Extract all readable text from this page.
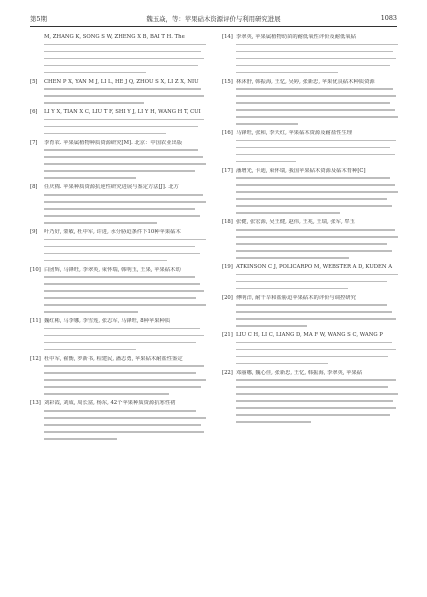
第5期	魏玉焱，等：苹果砧木资源评价与利用研究进展	1083
M, ZHANG K, SONG S W, ZHENG X B, BAI T H. The
[5] CHEN P X, YAN M J, LI L, HE J Q, ZHOU S X, LI Z X, NIU
[6] LI Y X, TIAN X C, LIU T F, SHI Y J, LI Y H, WANG H T, CUI
[7] 李育农. 苹果属植物种质资源研究[M]. 北京：中国农业出版
[8] 任庆棉. 苹果种质资源抗逆性研究进展与鉴定方法[J]. 北方
[9] 叶乃好, 蒙敏, 杜中军, 许进, 水分胁迫条件下10种苹果砧木
[10] 白团辉, 马锋旺, 李翠英, 束怀瑞, 韩明玉, 王果, 苹果砧木幼
[11] 魏红彬, 马李娜, 李雪莲, 张志军, 马锋旺, 8种苹果种质
[12] 杜中军, 翟衡, 罗新书, 程建民, 潘志勇, 苹果砧木耐盐性鉴定
[13] 刘彩霞, 刘成, 周长富, 杨东, 42个苹果种质资源抗寒性初
[14] 李翠英, 苹果属植物幼苗的耐低氧性评价及耐低氧砧
[15] 林沐舒, 韩振海, 王忆, 吴婷, 张新忠, 苹果优良砧木种质资源
[16] 马锋旺, 张和, 李天红, 苹果砧木资源及耐盐性生理
[17] 潘增光, 卡迪, 束怀瑞, 我国苹果砧木资源及砧木育种[C]
[18] 张健, 张宏源, 吴王健, 赵伟, 王兆, 王瑞, 张军, 牟玉
[19] ATKINSON C J, POLICARPO M, WEBSTER A D, KUDEN A
[20] 傅明洋, 耐干旱和盐胁迫苹果砧木的评价与调控研究
[21] LIU C H, LI C, LIANG D, MA F W, WANG S C, WANG P
[22] 邓丽娜, 魏心佳, 张新忠, 王忆, 韩振海, 李翠英, 苹果砧
